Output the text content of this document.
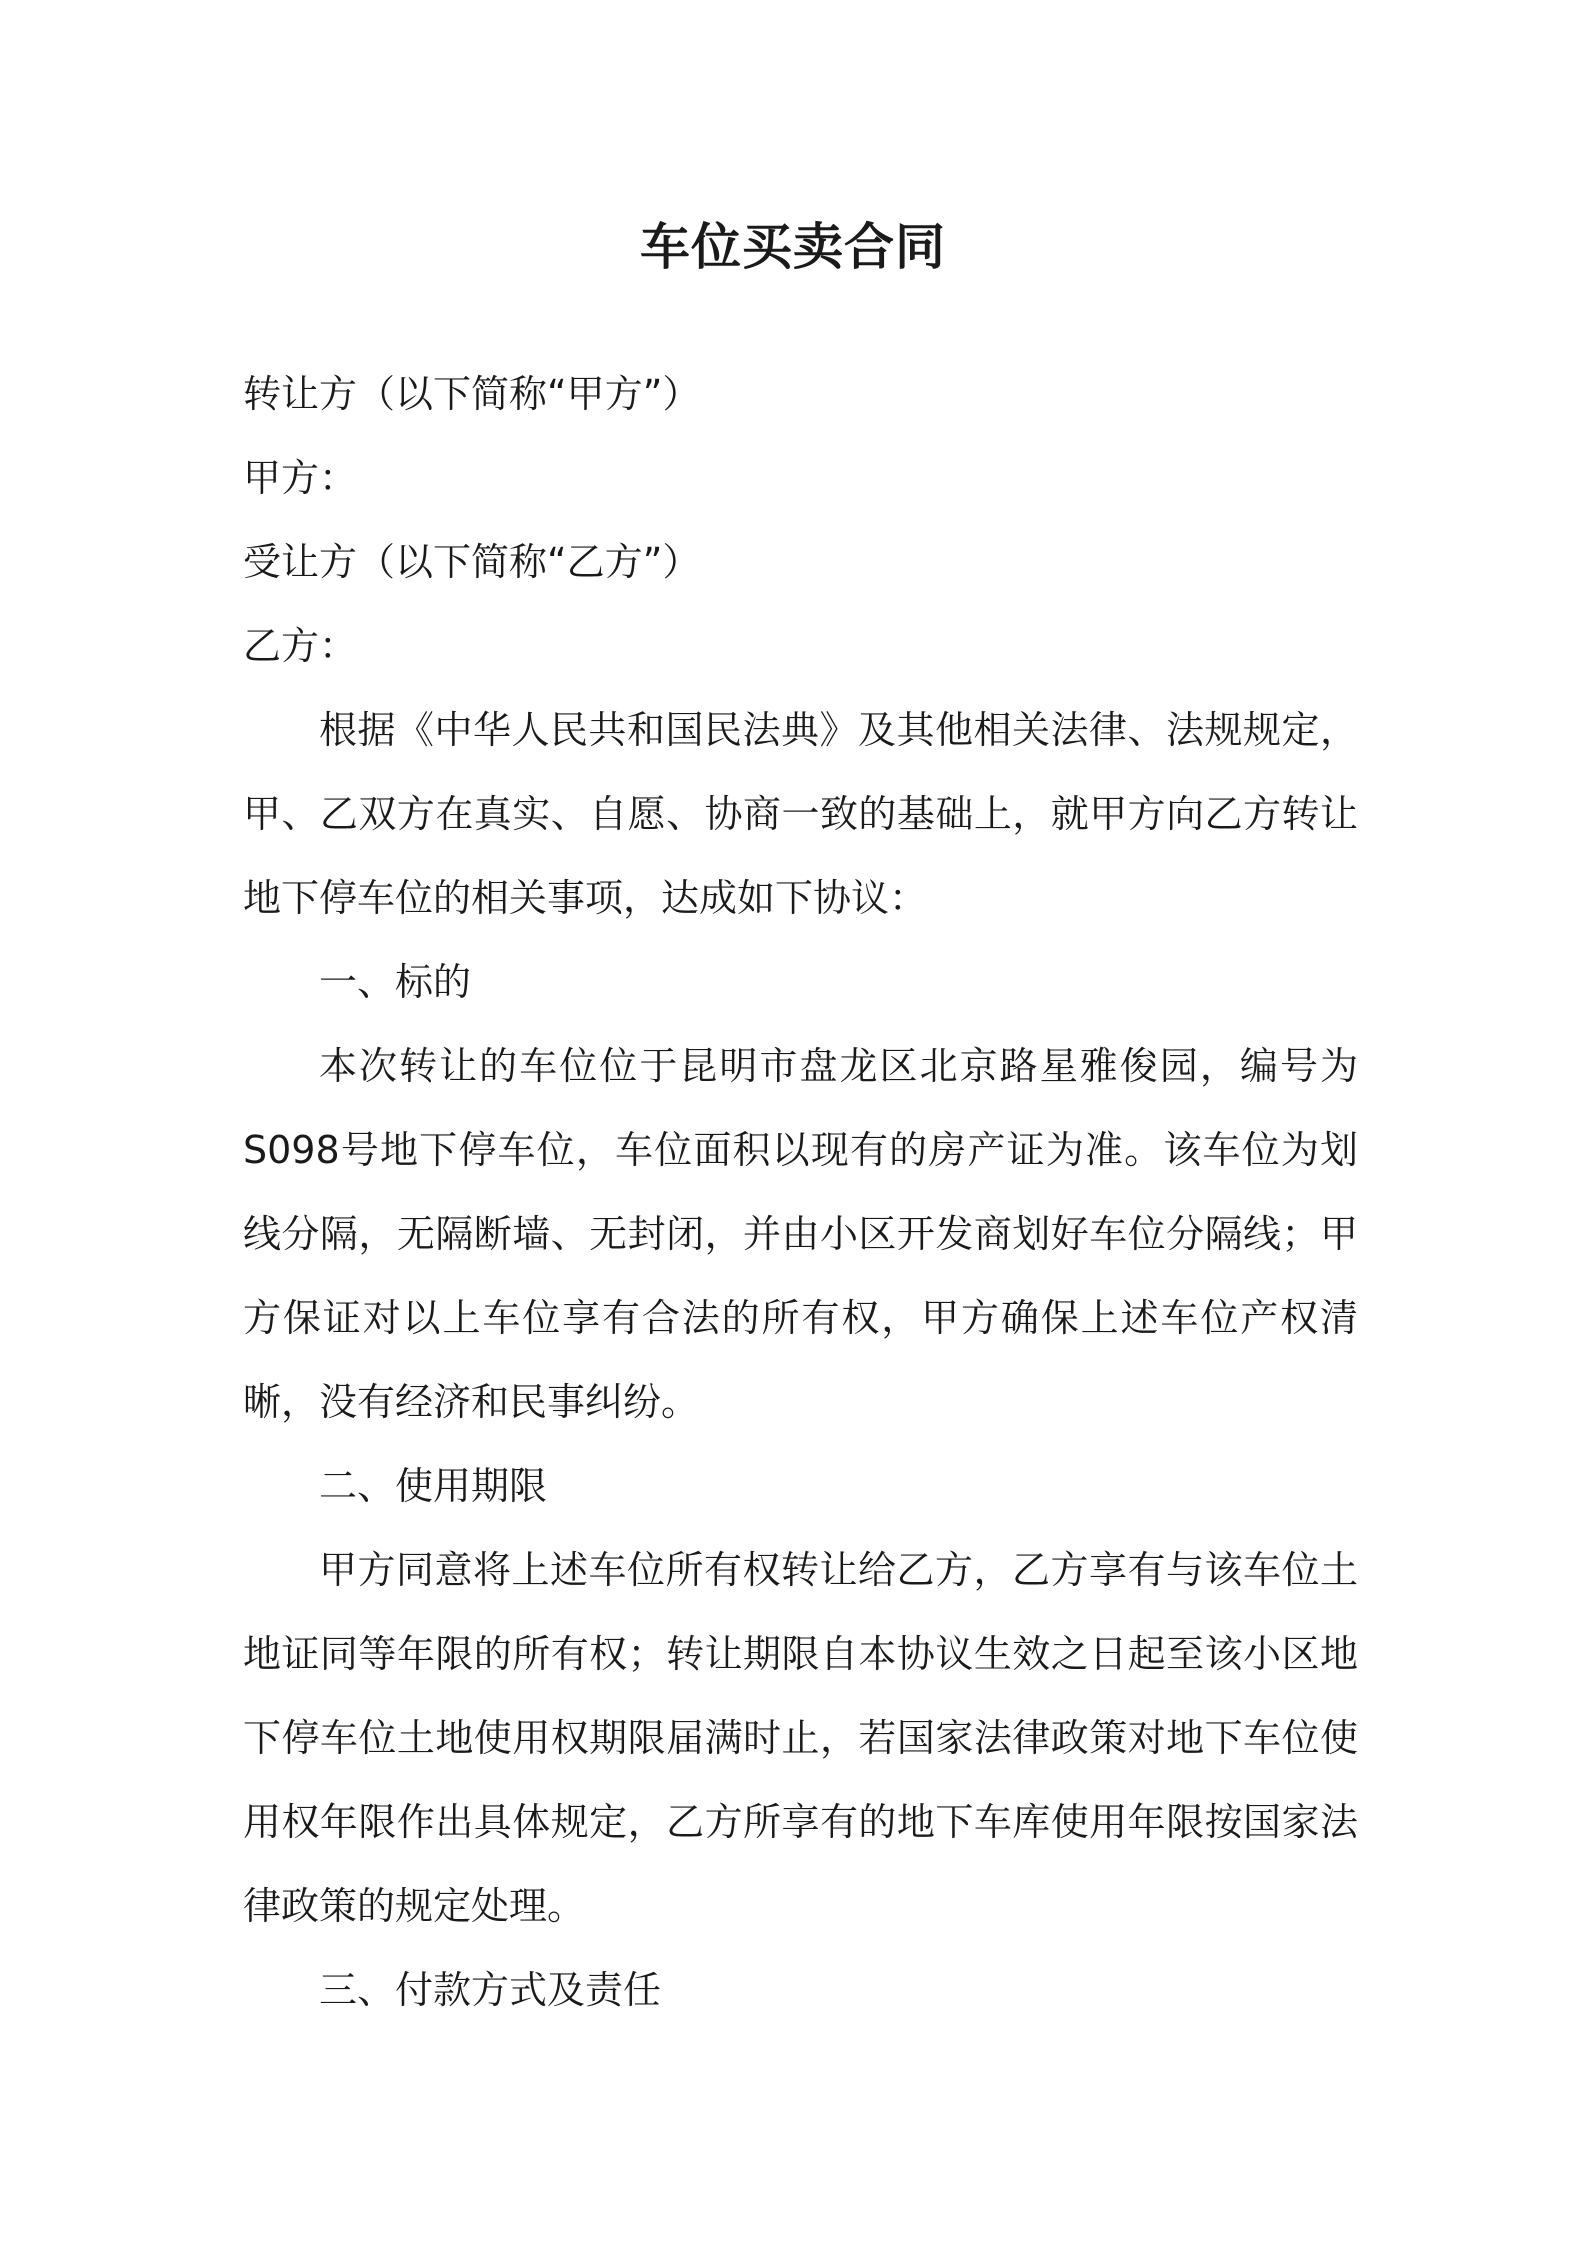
车位买卖合同

转让方（以下简称“甲方”）

甲方：

受让方（以下简称“乙方”）

乙方：

根据《中华人民共和国民法典》及其他相关法律、法规规定，甲、乙双方在真实、自愿、协商一致的基础上，就甲方向乙方转让地下停车位的相关事项，达成如下协议：

一、标的

本次转让的车位位于昆明市盘龙区北京路星雅俊园，编号为S098号地下停车位，车位面积以现有的房产证为准。该车位为划线分隔，无隔断墙、无封闭，并由小区开发商划好车位分隔线；甲方保证对以上车位享有合法的所有权，甲方确保上述车位产权清晰，没有经济和民事纠纷。

二、使用期限

甲方同意将上述车位所有权转让给乙方，乙方享有与该车位土地证同等年限的所有权；转让期限自本协议生效之日起至该小区地下停车位土地使用权期限届满时止，若国家法律政策对地下车位使用权年限作出具体规定，乙方所享有的地下车库使用年限按国家法律政策的规定处理。

三、付款方式及责任
